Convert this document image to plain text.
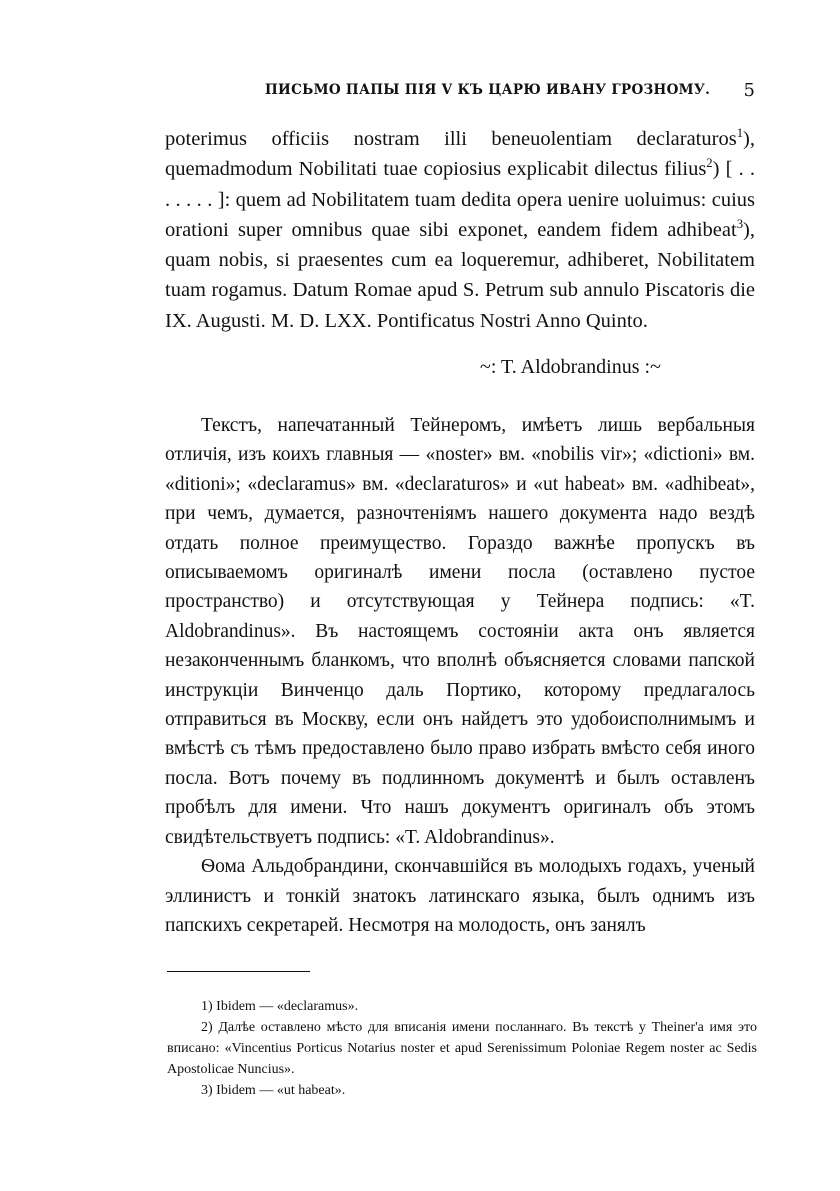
ПИСЬМО ПАПЫ ПІЯ V КЪ ЦАРЮ ИВАНУ ГРОЗНОМУ. 5

poterimus officiis nostram illi beneuolentiam declaraturos$^1$), quemadmodum Nobilitati tuae copiosius explicabit dilectus filius$^2$) [ . . . . . . . ]: quem ad Nobilitatem tuam dedita opera uenire uoluimus: cuius orationi super omnibus quae sibi exponet, eandem fidem adhibeat$^3$), quam nobis, si praesentes cum ea loquеremur, adhiberet, Nobilitatem tuam rogamus. Datum Romae apud S. Petrum sub annulo Piscatoris die IX. Augusti. M. D. LXX. Pontificatus Nostri Anno Quinto.

~: T. Aldobrandinus :~

Текстъ, напечатанный Тейнеромъ, имѣетъ лишь вербальныя отличія, изъ коихъ главныя — «noster» вм. «nobilis vir»; «dictioni» вм. «ditioni»; «declaramus» вм. «declaraturos» и «ut habeat» вм. «adhibeat», при чемъ, думается, разночтеніямъ нашего документа надо вездѣ отдать полное преимущество. Гораздо важнѣе пропускъ въ описываемомъ оригиналѣ имени посла (оставлено пустое пространство) и отсутствующая у Тейнера подпись: «T. Aldobrandinus». Въ настоящемъ состояніи акта онъ является незаконченнымъ бланкомъ, что вполнѣ объясняется словами папской инструкціи Винченцо даль Портико, которому предлагалось отправиться въ Москву, если онъ найдетъ это удобоисполнимымъ и вмѣстѣ съ тѣмъ предоставлено было право избрать вмѣсто себя иного посла. Вотъ почему въ подлинномъ документѣ и былъ оставленъ пробѣлъ для имени. Что нашъ документъ оригиналъ объ этомъ свидѣтельствуетъ подпись: «T. Aldobrandinus».

Ѳома Альдобрандини, скончавшійся въ молодыхъ годахъ, ученый эллинистъ и тонкій знатокъ латинскаго языка, былъ однимъ изъ папскихъ секретарей. Несмотря на молодость, онъ занялъ

1) Ibidem — «declaramus».

2) Далѣе оставлено мѣсто для вписанія имени посланнаго. Въ текстѣ у Theiner'а имя это вписано: «Vincentius Porticus Notarius noster et apud Serenissimum Poloniae Regem noster ac Sedis Apostolicae Nuncius».

3) Ibidem — «ut habeat».
